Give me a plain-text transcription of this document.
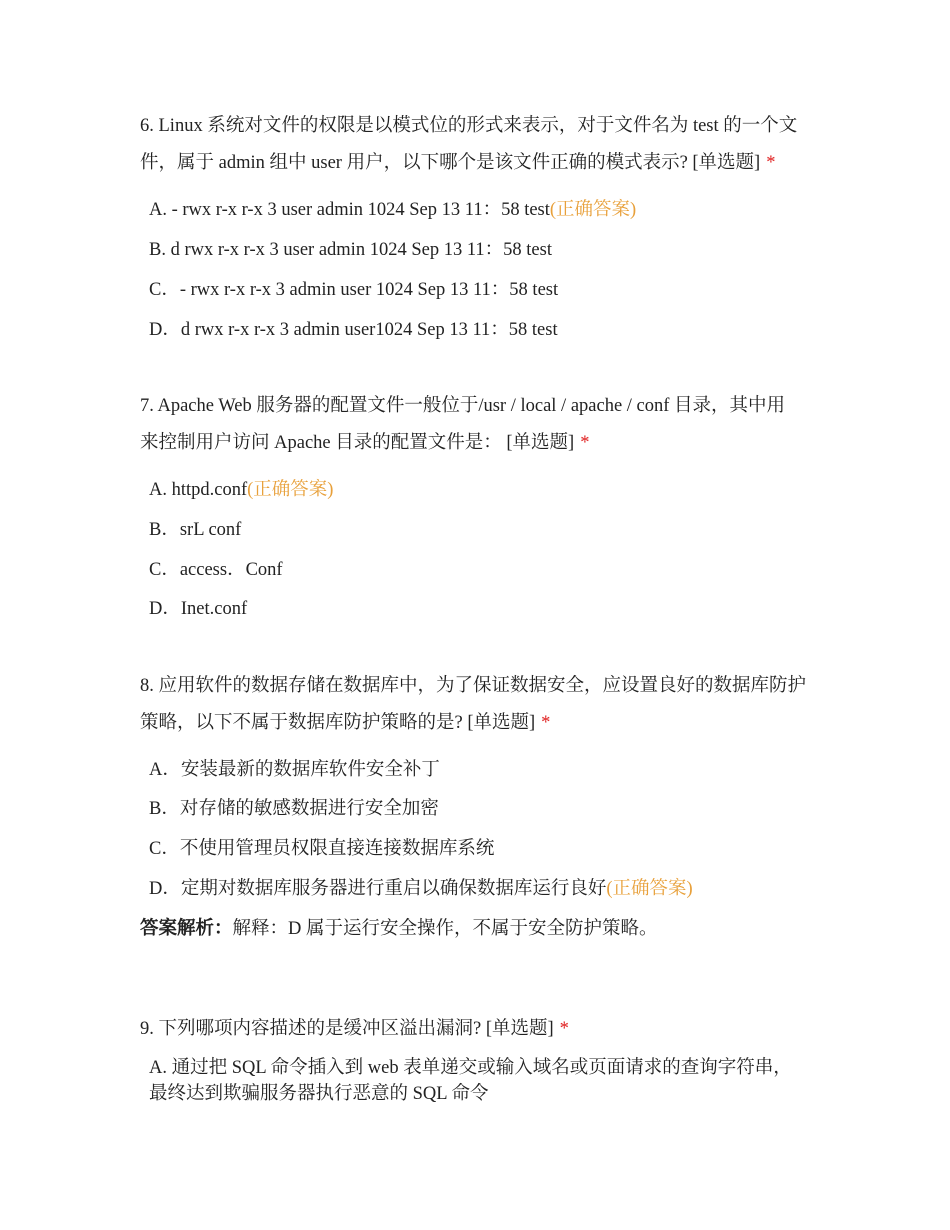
6. Linux 系统对文件的权限是以模式位的形式来表示，对于文件名为 test 的一个文
件，属于 admin 组中 user 用户，以下哪个是该文件正确的模式表示? [单选题] *
A. - rwx r-x r-x 3 user admin 1024 Sep 13 11：58 test(正确答案)
B. d rwx r-x r-x 3 user admin 1024 Sep 13 11：58 test
C．- rwx r-x r-x 3 admin user 1024 Sep 13 11：58 test
D．d rwx r-x r-x 3 admin user1024 Sep 13 11：58 test
7. Apache Web 服务器的配置文件一般位于/usr / local / apache / conf 目录，其中用
来控制用户访问 Apache 目录的配置文件是： [单选题] *
A. httpd.conf(正确答案)
B．srL conf
C．access．Conf
D．Inet.conf
8. 应用软件的数据存储在数据库中，为了保证数据安全，应设置良好的数据库防护
策略，以下不属于数据库防护策略的是? [单选题] *
A．安装最新的数据库软件安全补丁
B．对存储的敏感数据进行安全加密
C．不使用管理员权限直接连接数据库系统
D．定期对数据库服务器进行重启以确保数据库运行良好(正确答案)
答案解析：解释：D 属于运行安全操作，不属于安全防护策略。
9. 下列哪项内容描述的是缓冲区溢出漏洞? [单选题] *
A. 通过把 SQL 命令插入到 web 表单递交或输入域名或页面请求的查询字符串，
最终达到欺骗服务器执行恶意的 SQL 命令
